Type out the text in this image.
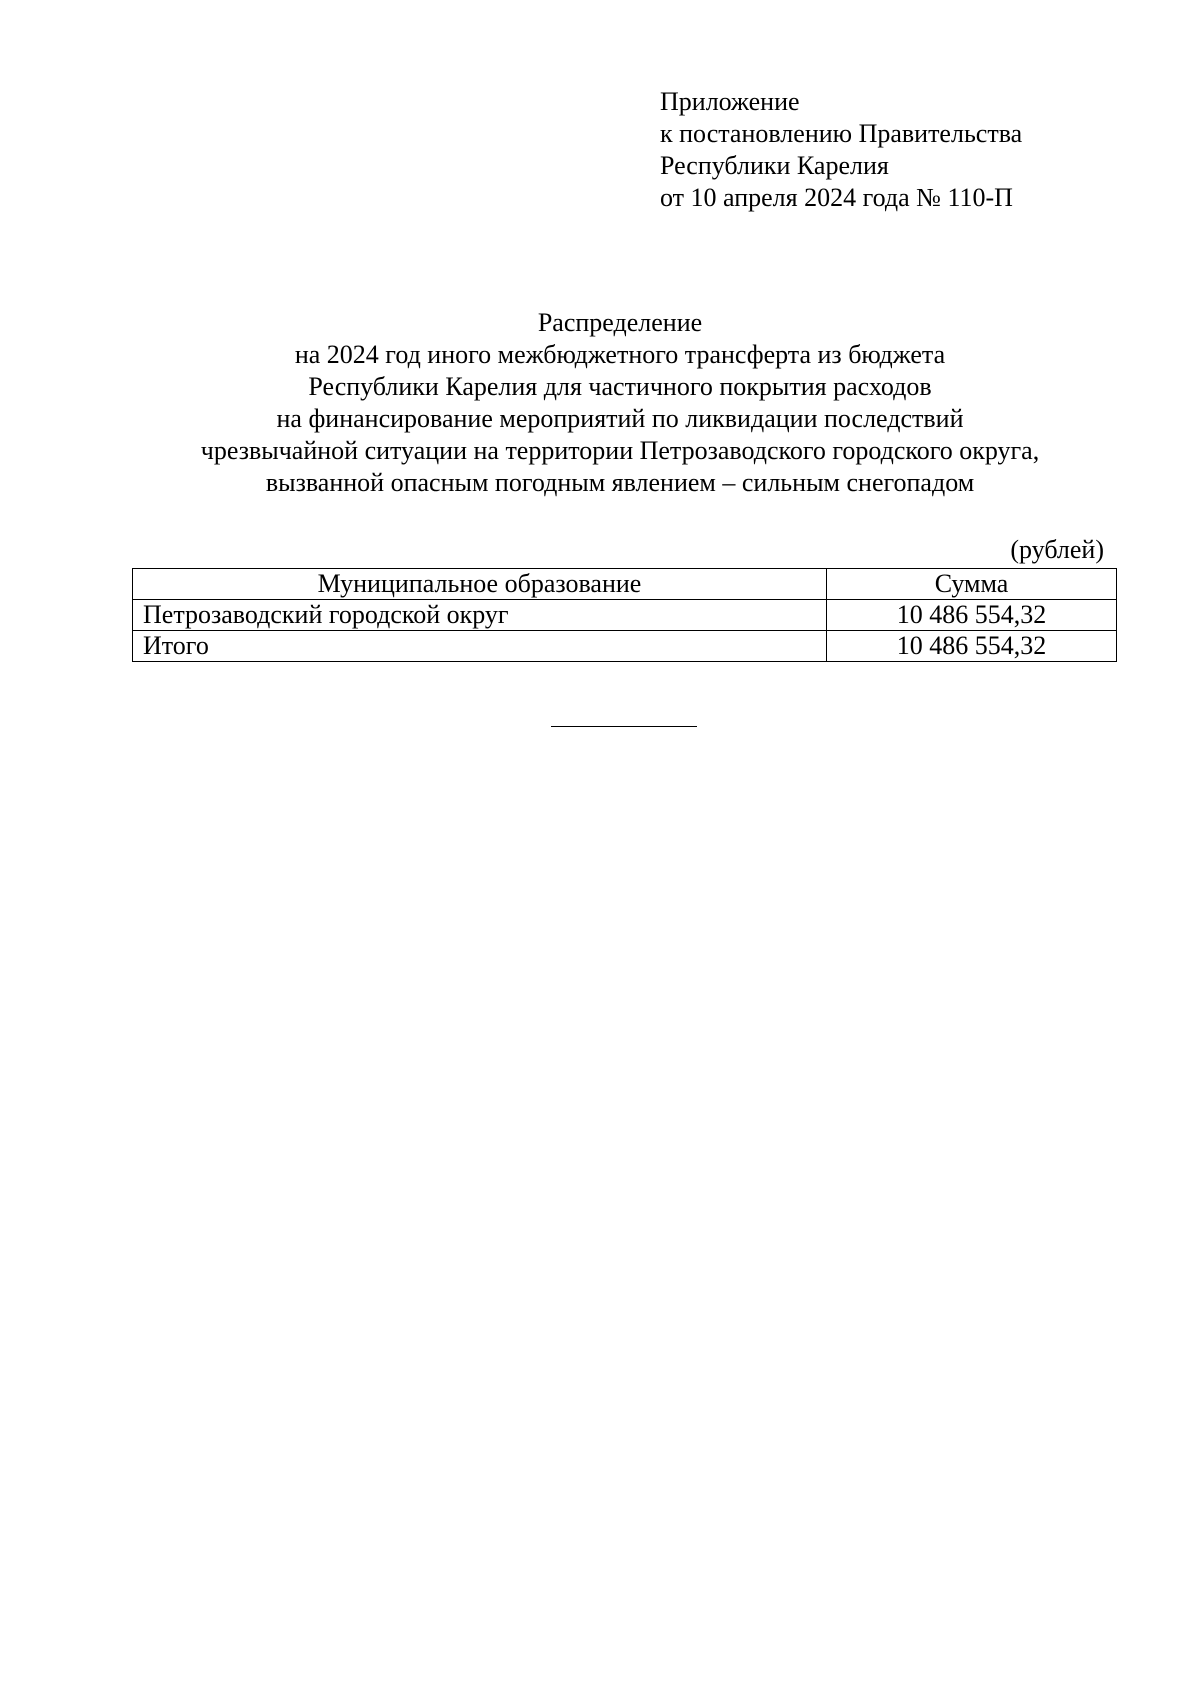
Приложение
к постановлению Правительства
Республики Карелия
от 10 апреля 2024 года № 110-П
Распределение
на 2024 год иного межбюджетного трансферта из бюджета
Республики Карелия для частичного покрытия расходов
на финансирование мероприятий по ликвидации последствий
чрезвычайной ситуации на территории Петрозаводского городского округа,
вызванной опасным погодным явлением – сильным снегопадом
(рублей)
Муниципальное образование	Сумма
Петрозаводский городской округ	10 486 554,32
Итого	10 486 554,32
